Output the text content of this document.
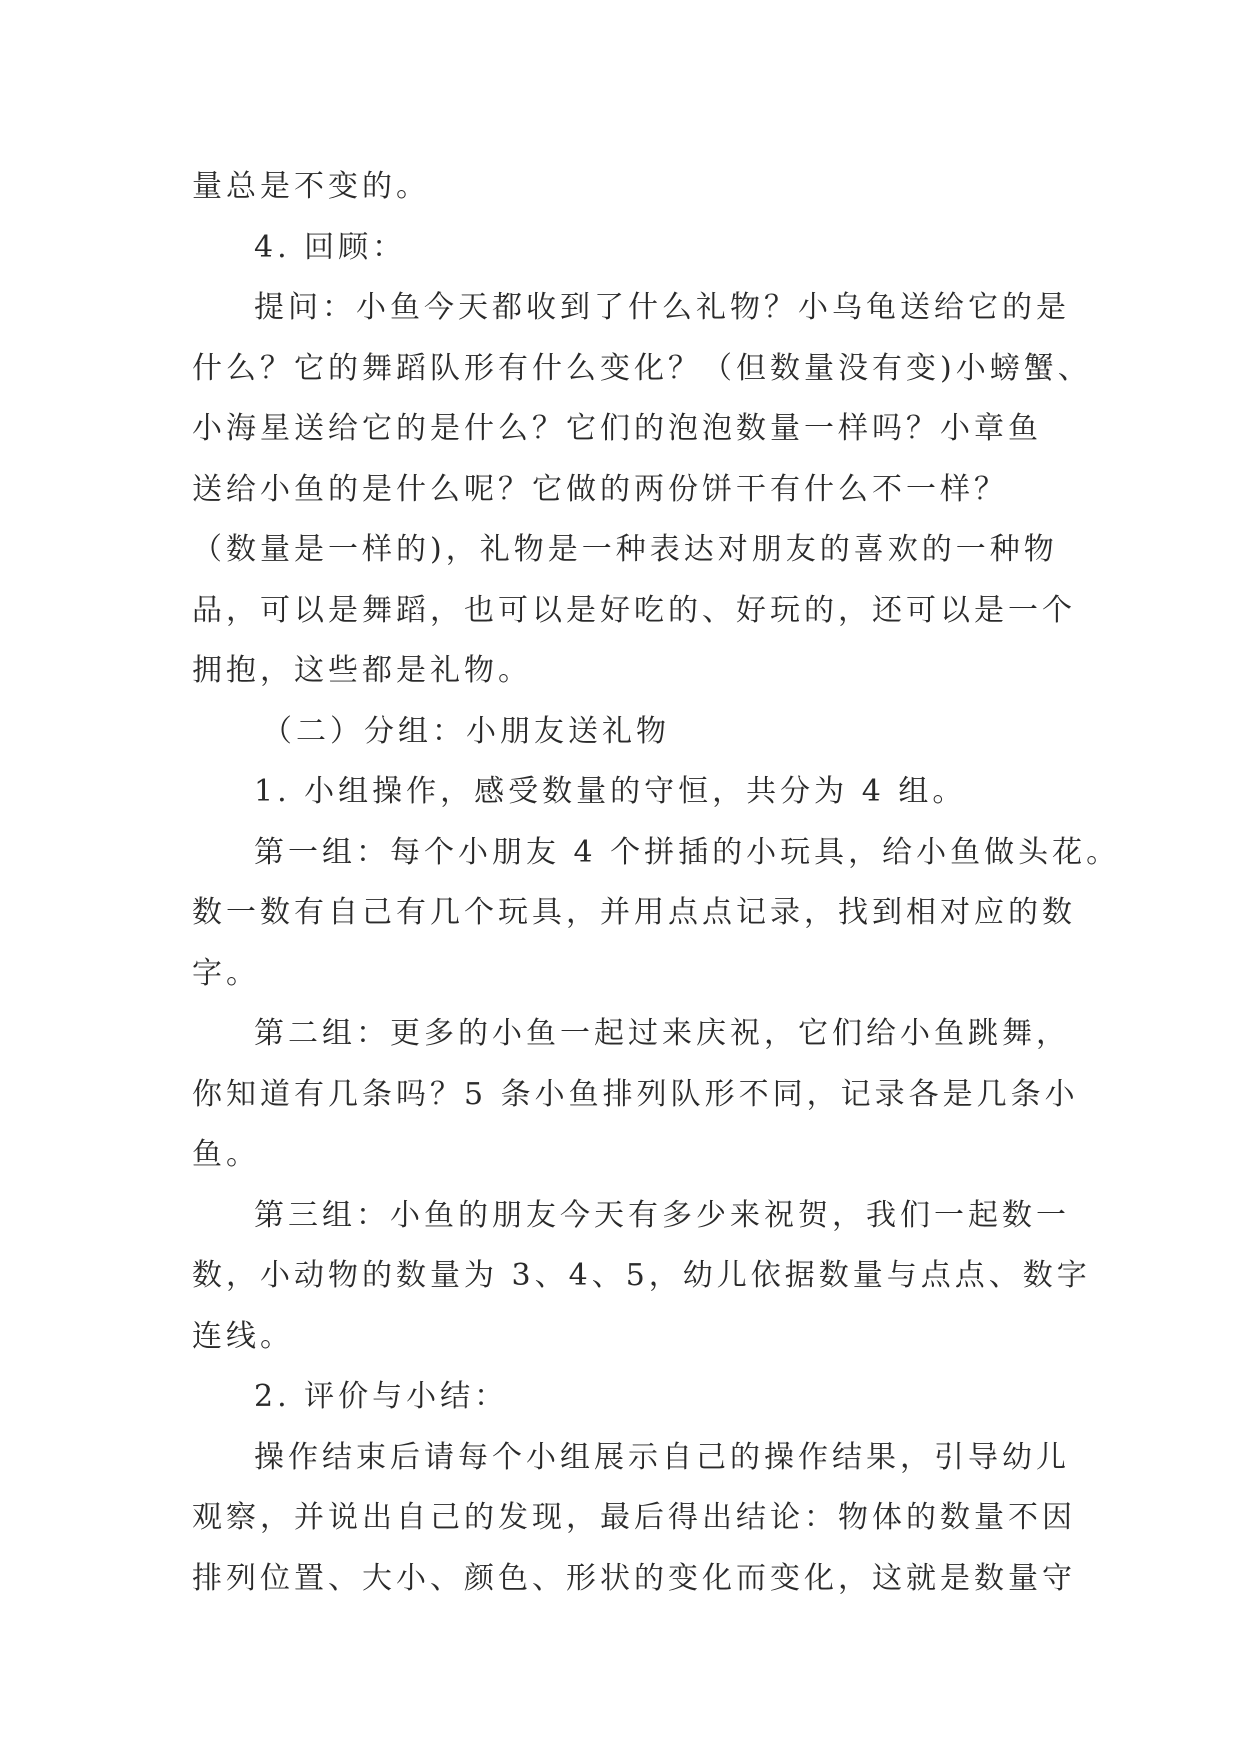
量总是不变的。
4. 回顾：
提问：小鱼今天都收到了什么礼物？小乌龟送给它的是
什么？它的舞蹈队形有什么变化？（但数量没有变)小螃蟹、
小海星送给它的是什么？它们的泡泡数量一样吗？小章鱼
送给小鱼的是什么呢？它做的两份饼干有什么不一样？
（数量是一样的)，礼物是一种表达对朋友的喜欢的一种物
品，可以是舞蹈，也可以是好吃的、好玩的，还可以是一个
拥抱，这些都是礼物。
（二）分组：小朋友送礼物
1. 小组操作，感受数量的守恒，共分为 4 组。
第一组：每个小朋友 4 个拼插的小玩具，给小鱼做头花。
数一数有自己有几个玩具，并用点点记录，找到相对应的数
字。
第二组：更多的小鱼一起过来庆祝，它们给小鱼跳舞，
你知道有几条吗？5 条小鱼排列队形不同，记录各是几条小
鱼。
第三组：小鱼的朋友今天有多少来祝贺，我们一起数一
数，小动物的数量为 3、4、5，幼儿依据数量与点点、数字
连线。
2. 评价与小结：
操作结束后请每个小组展示自己的操作结果，引导幼儿
观察，并说出自己的发现，最后得出结论：物体的数量不因
排列位置、大小、颜色、形状的变化而变化，这就是数量守
